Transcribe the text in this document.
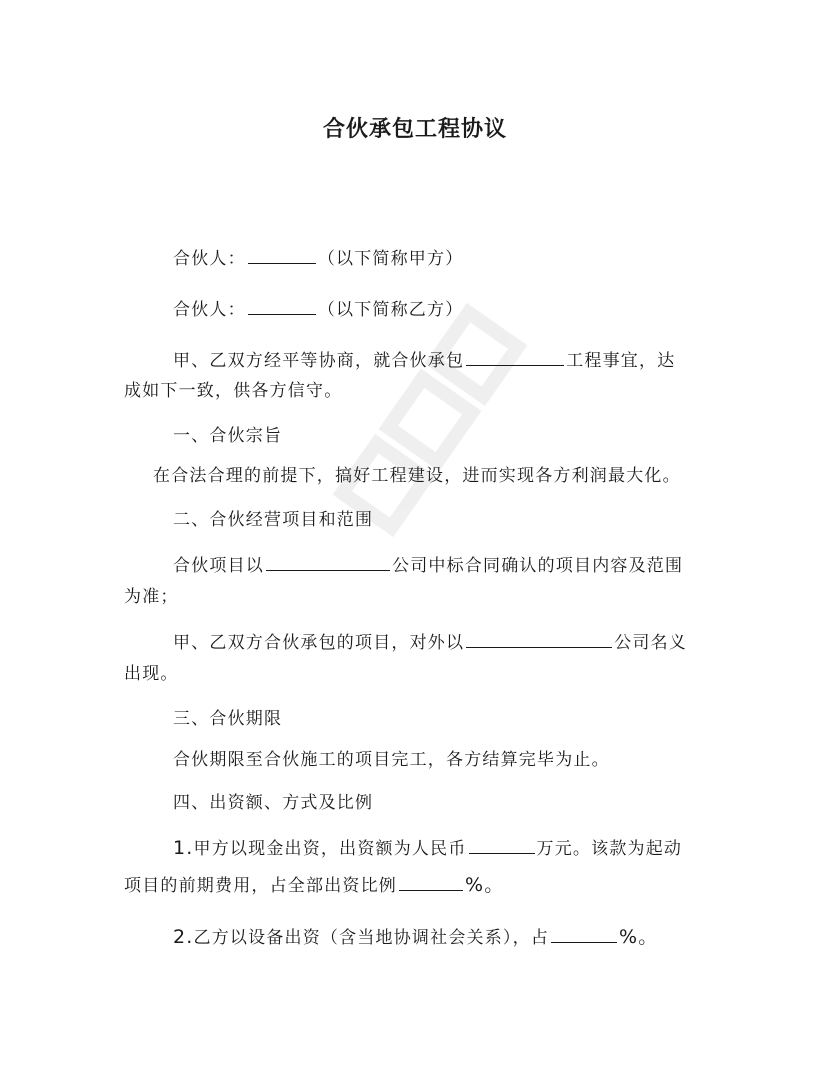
合伙承包工程协议
合伙人：	（以下简称甲方）
合伙人：	（以下简称乙方）
甲、乙双方经平等协商，就合伙承包	工程事宜，达
成如下一致，供各方信守。
一、合伙宗旨
在合法合理的前提下，搞好工程建设，进而实现各方利润最大化。
二、合伙经营项目和范围
合伙项目以	公司中标合同确认的项目内容及范围
为准；
甲、乙双方合伙承包的项目，对外以	公司名义
出现。
三、合伙期限
合伙期限至合伙施工的项目完工，各方结算完毕为止。
四、出资额、方式及比例
1.甲方以现金出资，出资额为人民币	万元。该款为起动
项目的前期费用，占全部出资比例	%。
2.乙方以设备出资（含当地协调社会关系），占	%。
